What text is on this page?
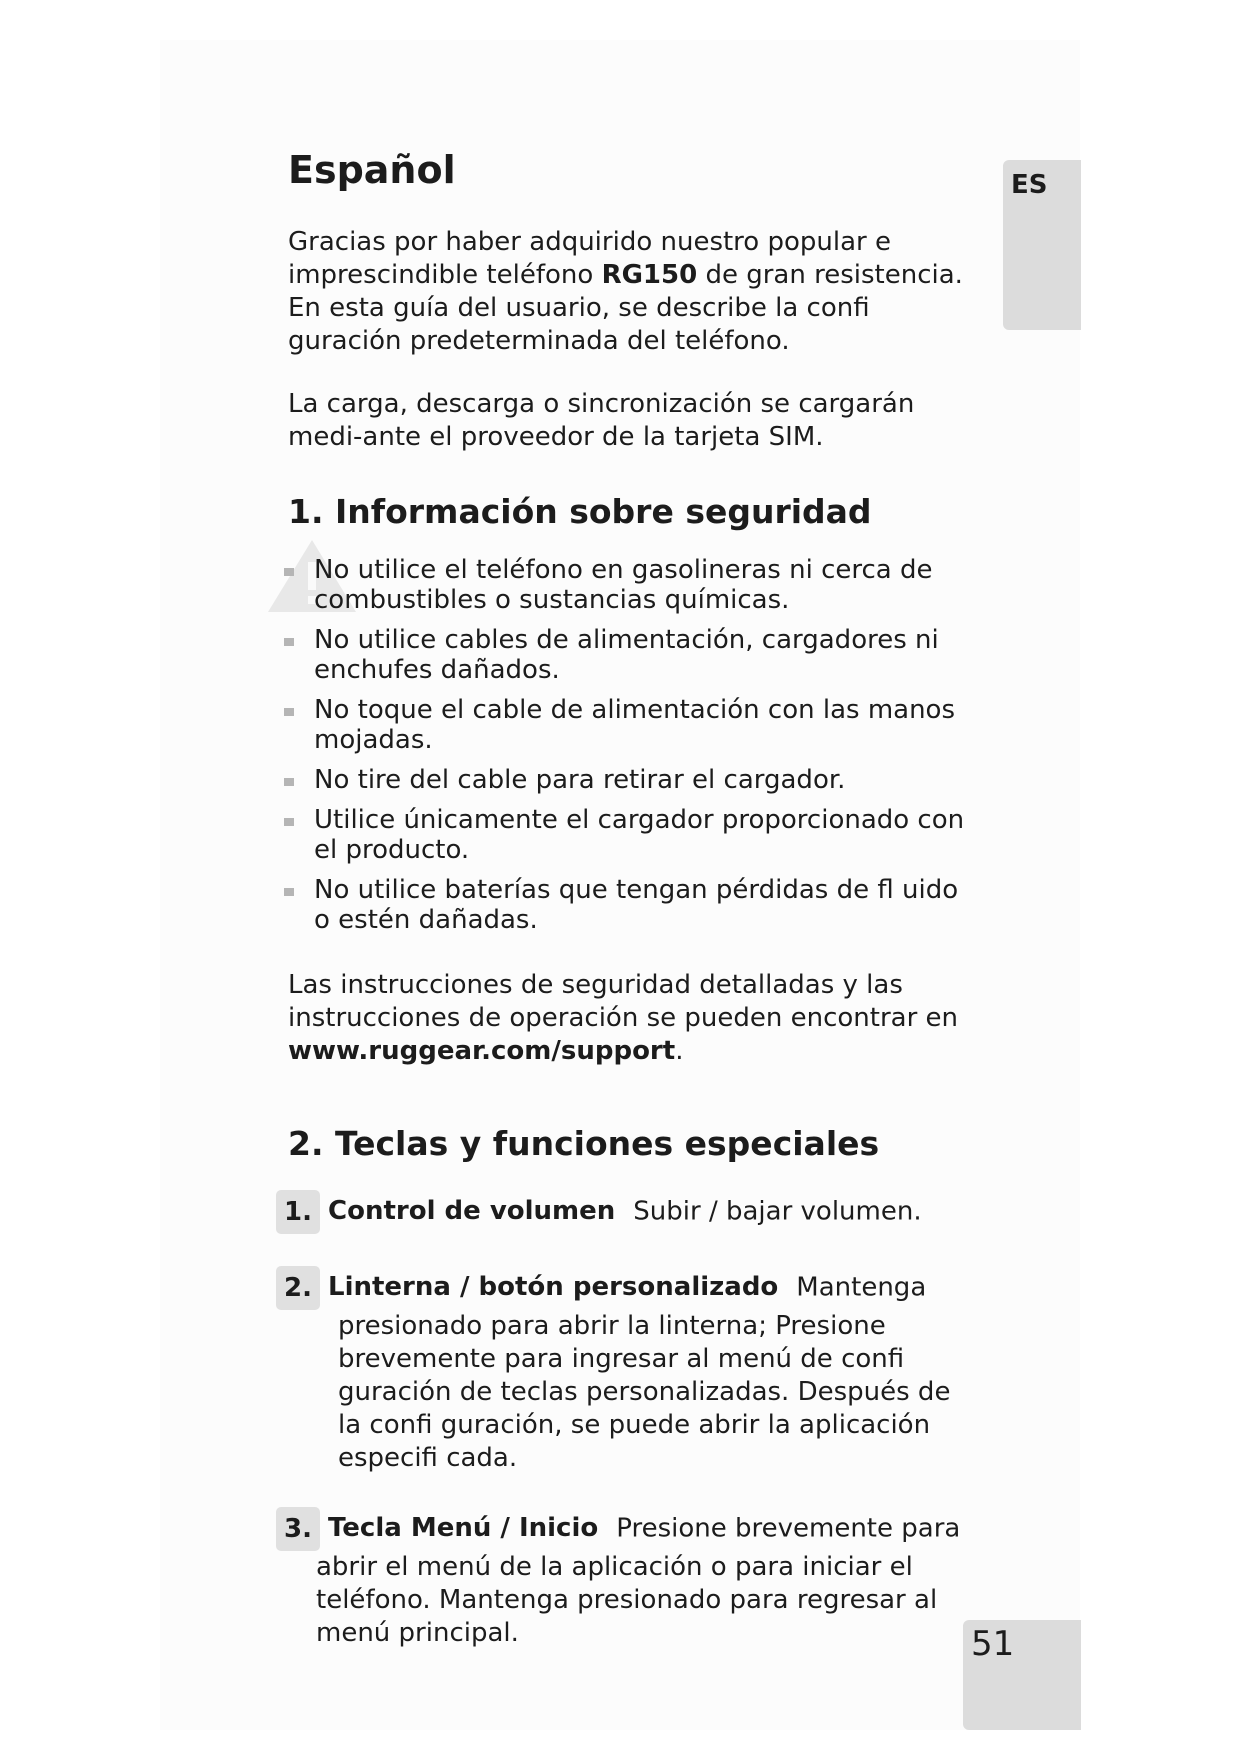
ES
51
Español

Gracias por haber adquirido nuestro popular e imprescindible teléfono RG150 de gran resistencia. En esta guía del usuario, se describe la confi guración predeterminada del teléfono.

La carga, descarga o sincronización se cargarán medi-ante el proveedor de la tarjeta SIM.

1. Información sobre seguridad
No utilice el teléfono en gasolineras ni cerca de combustibles o sustancias químicas.
No utilice cables de alimentación, cargadores ni enchufes dañados.
No toque el cable de alimentación con las manos mojadas.
No tire del cable para retirar el cargador.
Utilice únicamente el cargador proporcionado con el producto.
No utilice baterías que tengan pérdidas de fl uido o estén dañadas.

Las instrucciones de seguridad detalladas y las instrucciones de operación se pueden encontrar en www.ruggear.com/support.

2. Teclas y funciones especiales
1. Control de volumen Subir / bajar volumen.
2. Linterna / botón personalizado Mantenga
presionado para abrir la linterna; Presione brevemente para ingresar al menú de confi guración de teclas personalizadas. Después de la confi guración, se puede abrir la aplicación especifi cada.
3. Tecla Menú / Inicio Presione brevemente para
abrir el menú de la aplicación o para iniciar el teléfono. Mantenga presionado para regresar al menú principal.
